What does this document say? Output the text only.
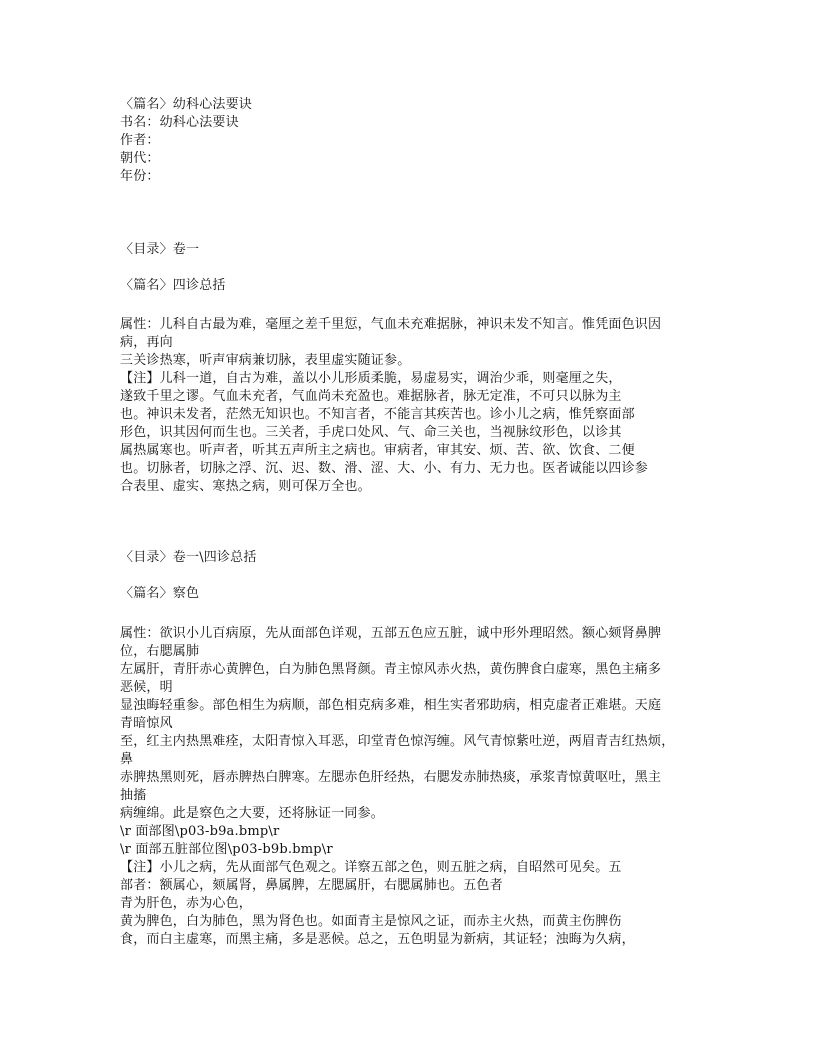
〈篇名〉幼科心法要诀
书名：幼科心法要诀
作者：
朝代：
年份：
〈目录〉卷一
〈篇名〉四诊总括
属性：儿科自古最为难，毫厘之差千里愆，气血未充难据脉，神识未发不知言。惟凭面色识因
病，再向
三关诊热寒，听声审病兼切脉，表里虚实随证参。
【注】儿科一道，自古为难，盖以小儿形质柔脆，易虚易实，调治少乖，则毫厘之失，
遂致千里之谬。气血未充者，气血尚未充盈也。难据脉者，脉无定准，不可只以脉为主
也。神识未发者，茫然无知识也。不知言者，不能言其疾苦也。诊小儿之病，惟凭察面部
形色，识其因何而生也。三关者，手虎口处风、气、命三关也，当视脉纹形色，以诊其
属热属寒也。听声者，听其五声所主之病也。审病者，审其安、烦、苦、欲、饮食、二便
也。切脉者，切脉之浮、沉、迟、数、滑、涩、大、小、有力、无力也。医者诚能以四诊参
合表里、虚实、寒热之病，则可保万全也。
〈目录〉卷一\四诊总括
〈篇名〉察色
属性：欲识小儿百病原，先从面部色详观，五部五色应五脏，诚中形外理昭然。额心颏肾鼻脾
位，右腮属肺
左属肝，青肝赤心黄脾色，白为肺色黑肾颜。青主惊风赤火热，黄伤脾食白虚寒，黑色主痛多
恶候，明
显浊晦轻重参。部色相生为病顺，部色相克病多难，相生实者邪助病，相克虚者正难堪。天庭
青暗惊风
至，红主内热黑难痊，太阳青惊入耳恶，印堂青色惊泻缠。风气青惊紫吐逆，两眉青吉红热烦，
鼻
赤脾热黑则死，唇赤脾热白脾寒。左腮赤色肝经热，右腮发赤肺热痰，承浆青惊黄呕吐，黑主
抽搐
病缠绵。此是察色之大要，还将脉证一同参。
\r 面部图\p03-b9a.bmp\r
\r 面部五脏部位图\p03-b9b.bmp\r
【注】小儿之病，先从面部气色观之。详察五部之色，则五脏之病，自昭然可见矣。五
部者：额属心，颏属肾，鼻属脾，左腮属肝，右腮属肺也。五色者
青为肝色，赤为心色，
黄为脾色，白为肺色，黑为肾色也。如面青主是惊风之证，而赤主火热，而黄主伤脾伤
食，而白主虚寒，而黑主痛，多是恶候。总之，五色明显为新病，其证轻；浊晦为久病，
